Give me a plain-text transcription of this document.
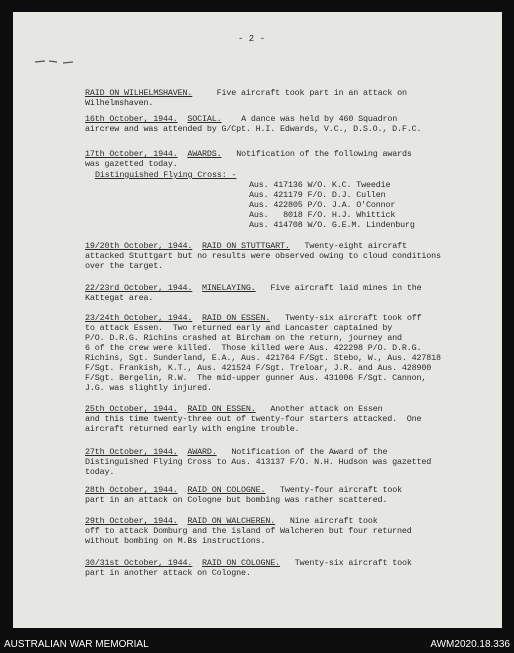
- 2 -

RAID ON WILHELMSHAVEN.	Five aircraft took part in an attack on
Wilhelmshaven.

16th October, 1944. SOCIAL. A dance was held by 460 Squadron
aircrew and was attended by G/Cpt. H.I. Edwards, V.C., D.S.O., D.F.C.

17th October, 1944. AWARDS. Notification of the following awards
was gazetted today.
Distinguished Flying Cross: -

Aus. 417136 W/O. K.C. Tweedie
Aus. 421179 F/O. D.J. Cullen
Aus. 422805 P/O. J.A. O'Connor
Aus.   8018 F/O. H.J. Whittick
Aus. 414708 W/O. G.E.M. Lindenburg

19/20th October, 1944. RAID ON STUTTGART. Twenty-eight aircraft
attacked Stuttgart but no results were observed owing to cloud conditions
over the target.

22/23rd October, 1944. MINELAYING. Five aircraft laid mines in the
Kattegat area.

23/24th October, 1944. RAID ON ESSEN. Twenty-six aircraft took off
to attack Essen.  Two returned early and Lancaster captained by
P/O. D.R.G. Richins crashed at Bircham on the return, journey and
6 of the crew were killed.  Those killed were Aus. 422298 P/O. D.R.G.
Richins, Sgt. Sunderland, E.A., Aus. 421764 F/Sgt. Stebo, W., Aus. 427818
F/Sgt. Frankish, K.T., Aus. 421524 F/Sgt. Treloar, J.R. and Aus. 428900
F/Sgt. Bergelin, R.W.  The mid-upper gunner Aus. 431006 F/Sgt. Cannon,
J.G. was slightly injured.

25th October, 1944. RAID ON ESSEN. Another attack on Essen
and this time twenty-three out of twenty-four starters attacked.  One
aircraft returned early with engine trouble.

27th October, 1944. AWARD. Notification of the Award of the
Distinguished Flying Cross to Aus. 413137 F/O. N.H. Hudson was gazetted
today.

28th October, 1944. RAID ON COLOGNE. Twenty-four aircraft took
part in an attack on Cologne but bombing was rather scattered.

29th October, 1944. RAID ON WALCHEREN. Nine aircraft took
off to attack Domburg and the island of Walcheren but four returned
without bombing on M.Bs instructions.

30/31st October, 1944. RAID ON COLOGNE. Twenty-six aircraft took
part in another attack on Cologne.
AUSTRALIAN WAR MEMORIAL	AWM2020.18.336
